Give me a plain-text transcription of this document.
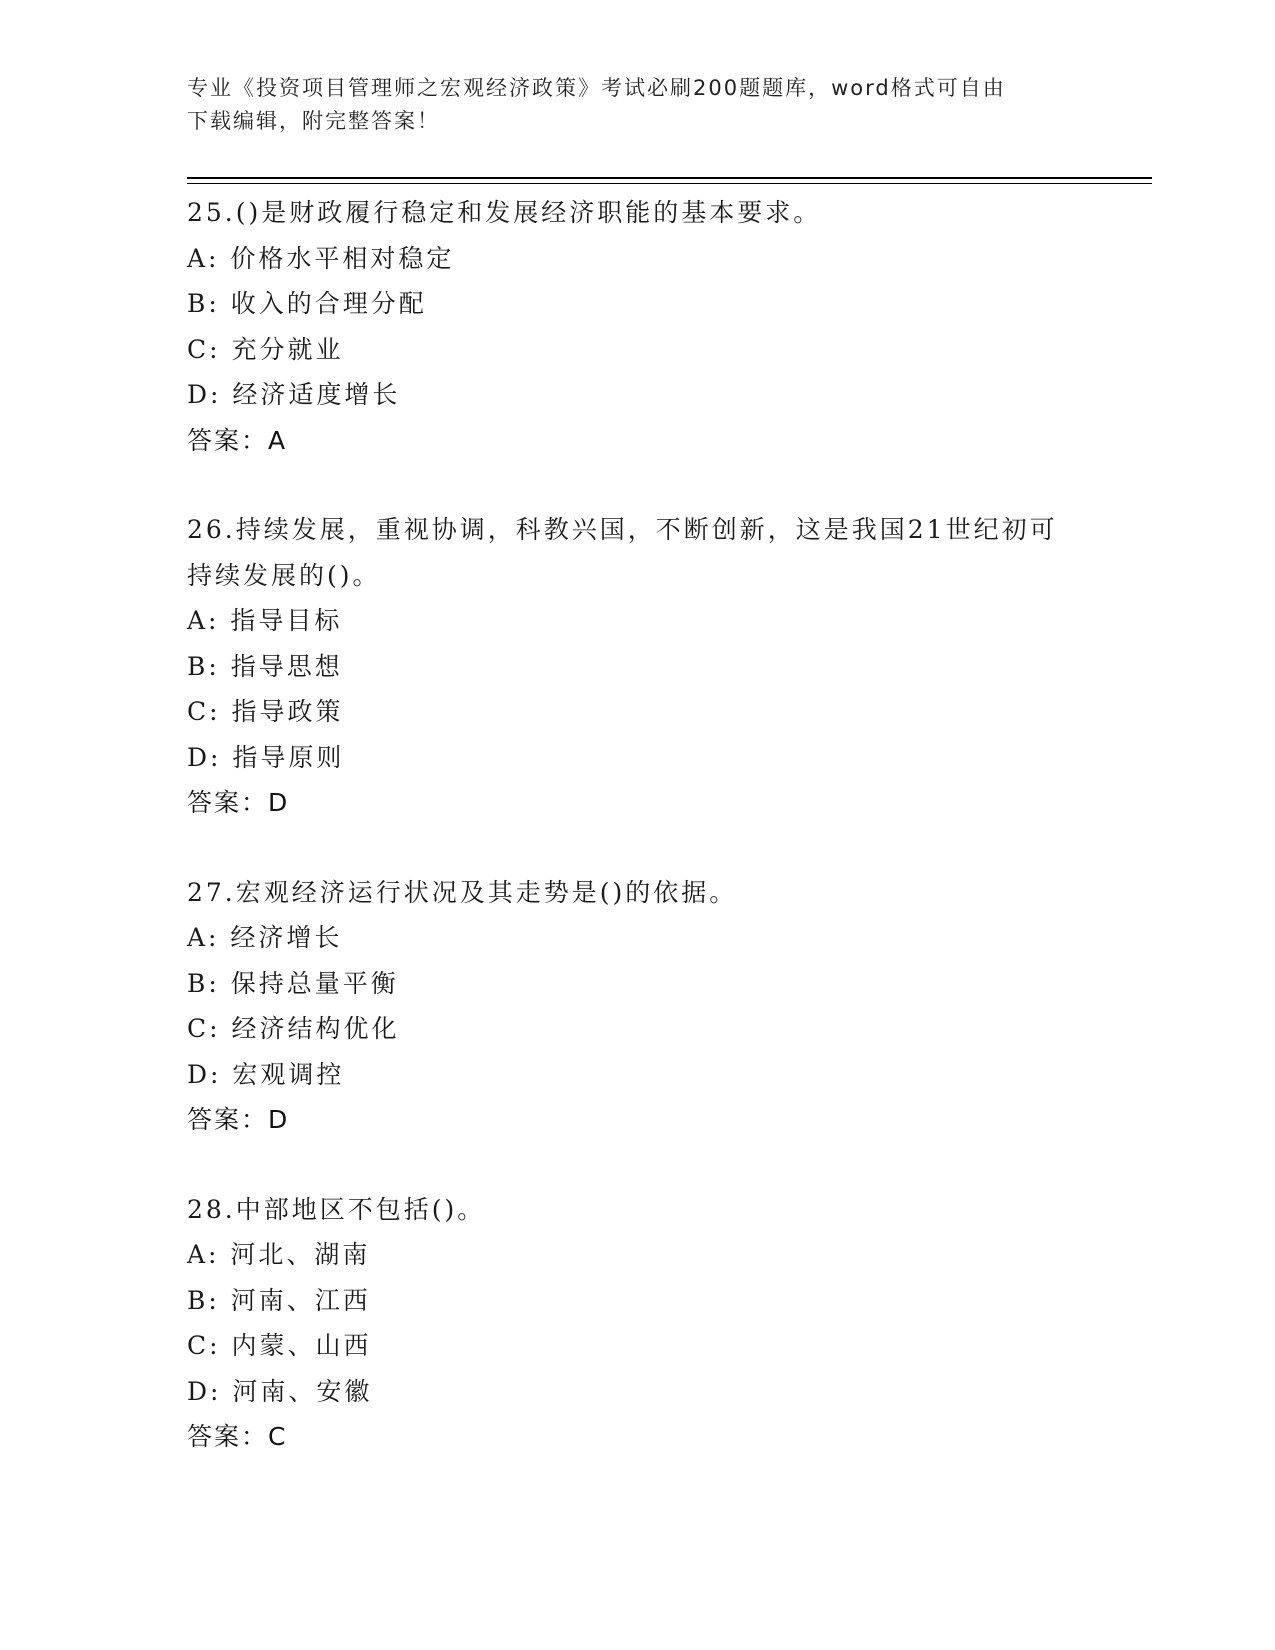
专业《投资项目管理师之宏观经济政策》考试必刷200题题库，word格式可自由
下载编辑，附完整答案！
25.()是财政履行稳定和发展经济职能的基本要求。
A: 价格水平相对稳定
B: 收入的合理分配
C: 充分就业
D: 经济适度增长
答案：A
26.持续发展，重视协调，科教兴国，不断创新，这是我国21世纪初可持续发展的()。
A: 指导目标
B: 指导思想
C: 指导政策
D: 指导原则
答案：D
27.宏观经济运行状况及其走势是()的依据。
A: 经济增长
B: 保持总量平衡
C: 经济结构优化
D: 宏观调控
答案：D
28.中部地区不包括()。
A: 河北、湖南
B: 河南、江西
C: 内蒙、山西
D: 河南、安徽
答案：C
